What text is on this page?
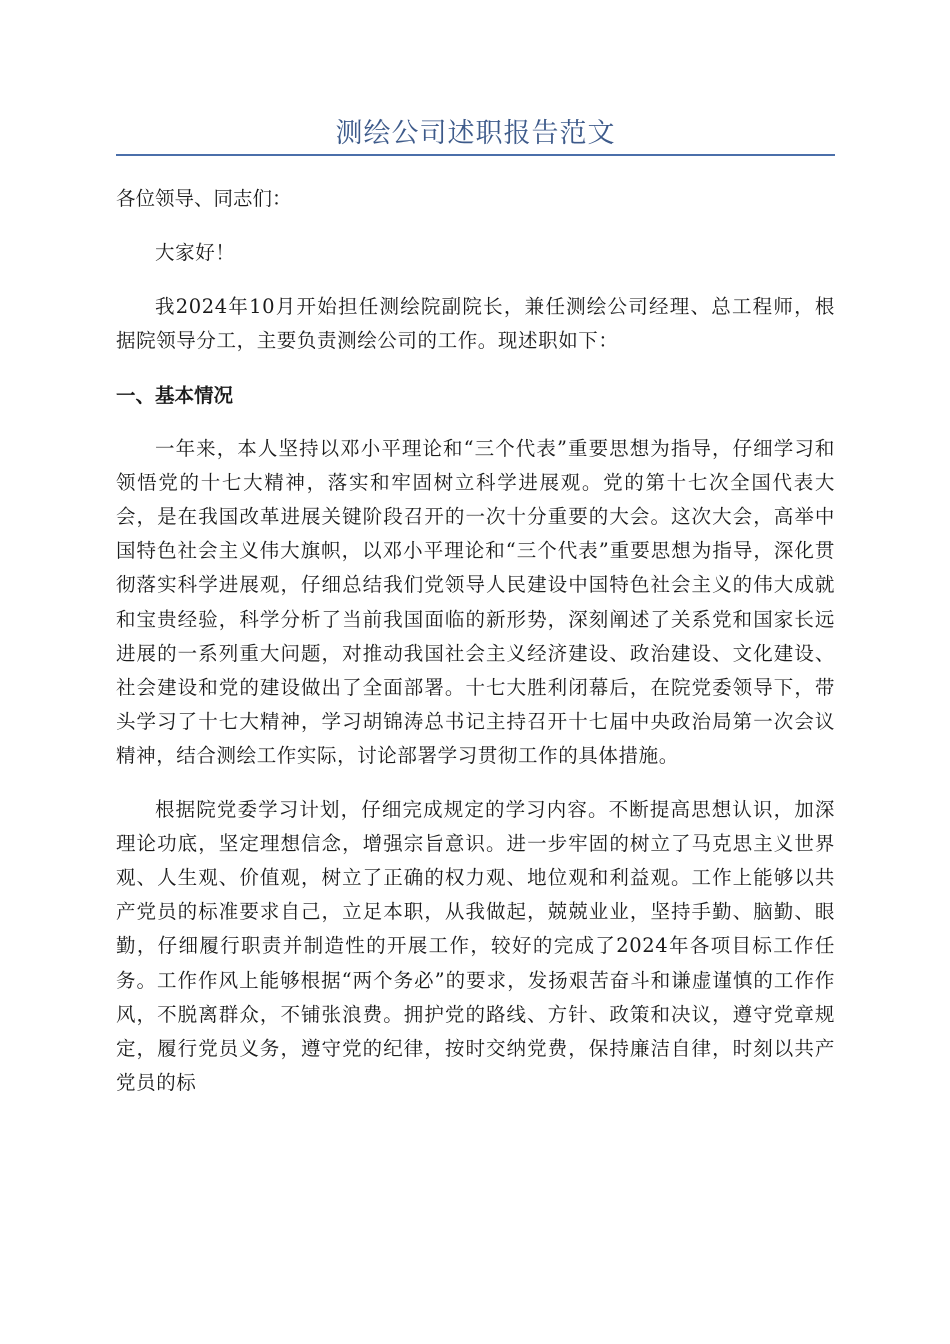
测绘公司述职报告范文

各位领导、同志们：

大家好！

我2024年10月开始担任测绘院副院长，兼任测绘公司经理、总工程师，根据院领导分工，主要负责测绘公司的工作。现述职如下：

一、基本情况

一年来，本人坚持以邓小平理论和“三个代表”重要思想为指导，仔细学习和领悟党的十七大精神，落实和牢固树立科学进展观。党的第十七次全国代表大会，是在我国改革进展关键阶段召开的一次十分重要的大会。这次大会，高举中国特色社会主义伟大旗帜，以邓小平理论和“三个代表”重要思想为指导，深化贯彻落实科学进展观，仔细总结我们党领导人民建设中国特色社会主义的伟大成就和宝贵经验，科学分析了当前我国面临的新形势，深刻阐述了关系党和国家长远进展的一系列重大问题，对推动我国社会主义经济建设、政治建设、文化建设、社会建设和党的建设做出了全面部署。十七大胜利闭幕后，在院党委领导下，带头学习了十七大精神，学习胡锦涛总书记主持召开十七届中央政治局第一次会议精神，结合测绘工作实际，讨论部署学习贯彻工作的具体措施。

根据院党委学习计划，仔细完成规定的学习内容。不断提高思想认识，加深理论功底，坚定理想信念，增强宗旨意识。进一步牢固的树立了马克思主义世界观、人生观、价值观，树立了正确的权力观、地位观和利益观。工作上能够以共产党员的标准要求自己，立足本职，从我做起，兢兢业业，坚持手勤、脑勤、眼勤，仔细履行职责并制造性的开展工作，较好的完成了2024年各项目标工作任务。工作作风上能够根据“两个务必”的要求，发扬艰苦奋斗和谦虚谨慎的工作作风，不脱离群众，不铺张浪费。拥护党的路线、方针、政策和决议，遵守党章规定，履行党员义务，遵守党的纪律，按时交纳党费，保持廉洁自律，时刻以共产党员的标
